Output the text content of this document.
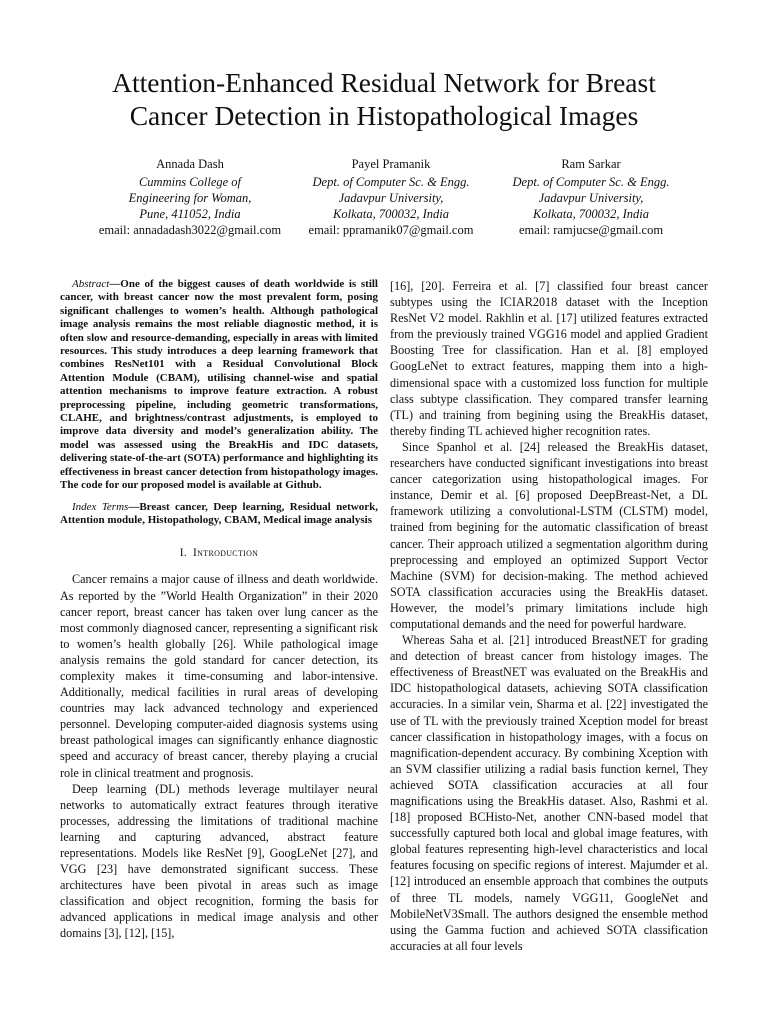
Attention-Enhanced Residual Network for Breast
Cancer Detection in Histopathological Images
Annada Dash
Cummins College of
Engineering for Woman,
Pune, 411052, India
email: annadadash3022@gmail.com
Payel Pramanik
Dept. of Computer Sc. & Engg.
Jadavpur University,
Kolkata, 700032, India
email: ppramanik07@gmail.com
Ram Sarkar
Dept. of Computer Sc. & Engg.
Jadavpur University,
Kolkata, 700032, India
email: ramjucse@gmail.com

Abstract—One of the biggest causes of death worldwide is still cancer, with breast cancer now the most prevalent form, posing significant challenges to women’s health. Although pathological image analysis remains the most reliable diagnostic method, it is often slow and resource-demanding, especially in areas with limited resources. This study introduces a deep learning framework that combines ResNet101 with a Residual Convolutional Block Attention Module (CBAM), utilising channel-wise and spatial attention mechanisms to improve feature extraction. A robust preprocessing pipeline, including geometric transformations, CLAHE, and brightness/contrast adjustments, is employed to improve data diversity and model’s generalization ability. The model was assessed using the BreakHis and IDC datasets, delivering state-of-the-art (SOTA) performance and highlighting its effectiveness in breast cancer detection from histopathology images. The code for our proposed model is available at Github.

Index Terms—Breast cancer, Deep learning, Residual network, Attention module, Histopathology, CBAM, Medical image analysis

I. Introduction

Cancer remains a major cause of illness and death worldwide. As reported by the ”World Health Organization” in their 2020 cancer report, breast cancer has taken over lung cancer as the most commonly diagnosed cancer, representing a significant risk to women’s health globally [26]. While pathological image analysis remains the gold standard for cancer detection, its complexity makes it time-consuming and labor-intensive. Additionally, medical facilities in rural areas of developing countries may lack advanced technology and experienced personnel. Developing computer-aided diagnosis systems using breast pathological images can significantly enhance diagnostic speed and accuracy of breast cancer, thereby playing a crucial role in clinical treatment and prognosis.

Deep learning (DL) methods leverage multilayer neural networks to automatically extract features through iterative processes, addressing the limitations of traditional machine learning and capturing advanced, abstract feature representations. Models like ResNet [9], GoogLeNet [27], and VGG [23] have demonstrated significant success. These architectures have been pivotal in areas such as image classification and object recognition, forming the basis for advanced applications in medical image analysis and other domains [3], [12], [15],

[16], [20]. Ferreira et al. [7] classified four breast cancer subtypes using the ICIAR2018 dataset with the Inception ResNet V2 model. Rakhlin et al. [17] utilized features extracted from the previously trained VGG16 model and applied Gradient Boosting Tree for classification. Han et al. [8] employed GoogLeNet to extract features, mapping them into a high-dimensional space with a customized loss function for multiple class subtype classification. They compared transfer learning (TL) and training from begining using the BreakHis dataset, thereby finding TL achieved higher recognition rates.

Since Spanhol et al. [24] released the BreakHis dataset, researchers have conducted significant investigations into breast cancer categorization using histopathological images. For instance, Demir et al. [6] proposed DeepBreast-Net, a DL framework utilizing a convolutional-LSTM (CLSTM) model, trained from begining for the automatic classification of breast cancer. Their approach utilized a segmentation algorithm during preprocessing and employed an optimized Support Vector Machine (SVM) for decision-making. The method achieved SOTA classification accuracies using the BreakHis dataset. However, the model’s primary limitations include high computational demands and the need for powerful hardware.

Whereas Saha et al. [21] introduced BreastNET for grading and detection of breast cancer from histology images. The effectiveness of BreastNET was evaluated on the BreakHis and IDC histopathological datasets, achieving SOTA classification accuracies. In a similar vein, Sharma et al. [22] investigated the use of TL with the previously trained Xception model for breast cancer classification in histopathology images, with a focus on magnification-dependent accuracy. By combining Xception with an SVM classifier utilizing a radial basis function kernel, They achieved SOTA classification accuracies at all four magnifications using the BreakHis dataset. Also, Rashmi et al. [18] proposed BCHisto-Net, another CNN-based model that successfully captured both local and global image features, with global features representing high-level characteristics and local features focusing on specific regions of interest. Majumder et al. [12] introduced an ensemble approach that combines the outputs of three TL models, namely VGG11, GoogleNet and MobileNetV3Small. The authors designed the ensemble method using the Gamma fuction and achieved SOTA classification accuracies at all four levels
